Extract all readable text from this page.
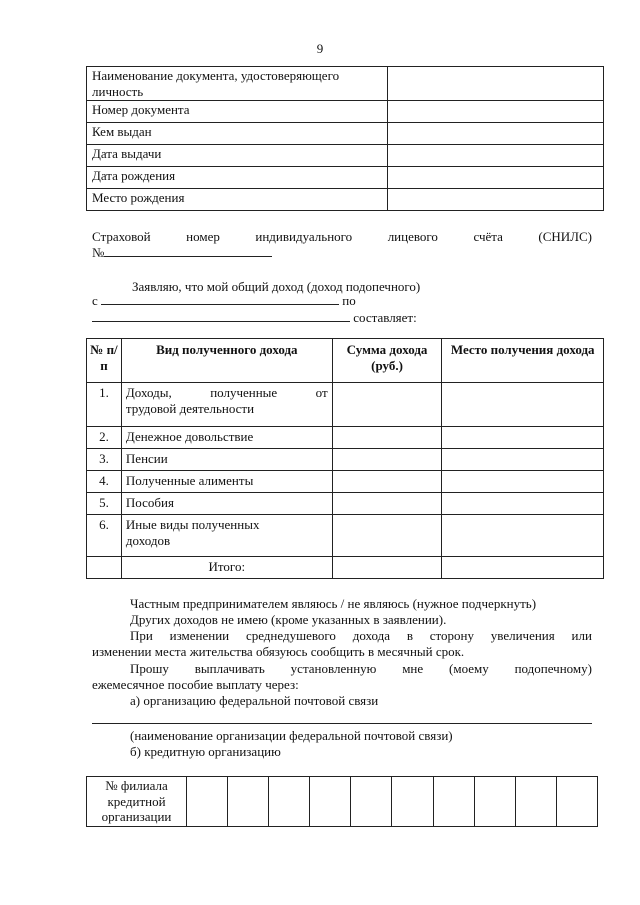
9
Наименование документа, удостоверяющего личность	
Номер документа	
Кем выдан	
Дата выдачи	
Дата рождения	
Место рождения	
Страховой	номер	индивидуального	лицевого	счёта	(СНИЛС)
№
Заявляю, что мой общий доход (доход подопечного)
с	по
составляет:
№ п/п	Вид полученного дохода	Сумма дохода (руб.)	Место получения дохода
1.	Доходы, полученные от
трудовой деятельности		

2.	Денежное довольствие		
3.	Пенсии		
4.	Полученные алименты		
5.	Пособия		
6.	Иные виды полученных доходов		

	Итого:		
Частным предпринимателем являюсь / не являюсь (нужное подчеркнуть)
Других доходов не имею (кроме указанных в заявлении).
При изменении среднедушевого дохода в сторону увеличения или
изменении места жительства обязуюсь сообщить в месячный срок.
Прошу выплачивать установленную мне (моему подопечному)
ежемесячное пособие выплату через:
а) организацию федеральной почтовой связи
(наименование организации федеральной почтовой связи)
б) кредитную организацию
№ филиала кредитной организации										
